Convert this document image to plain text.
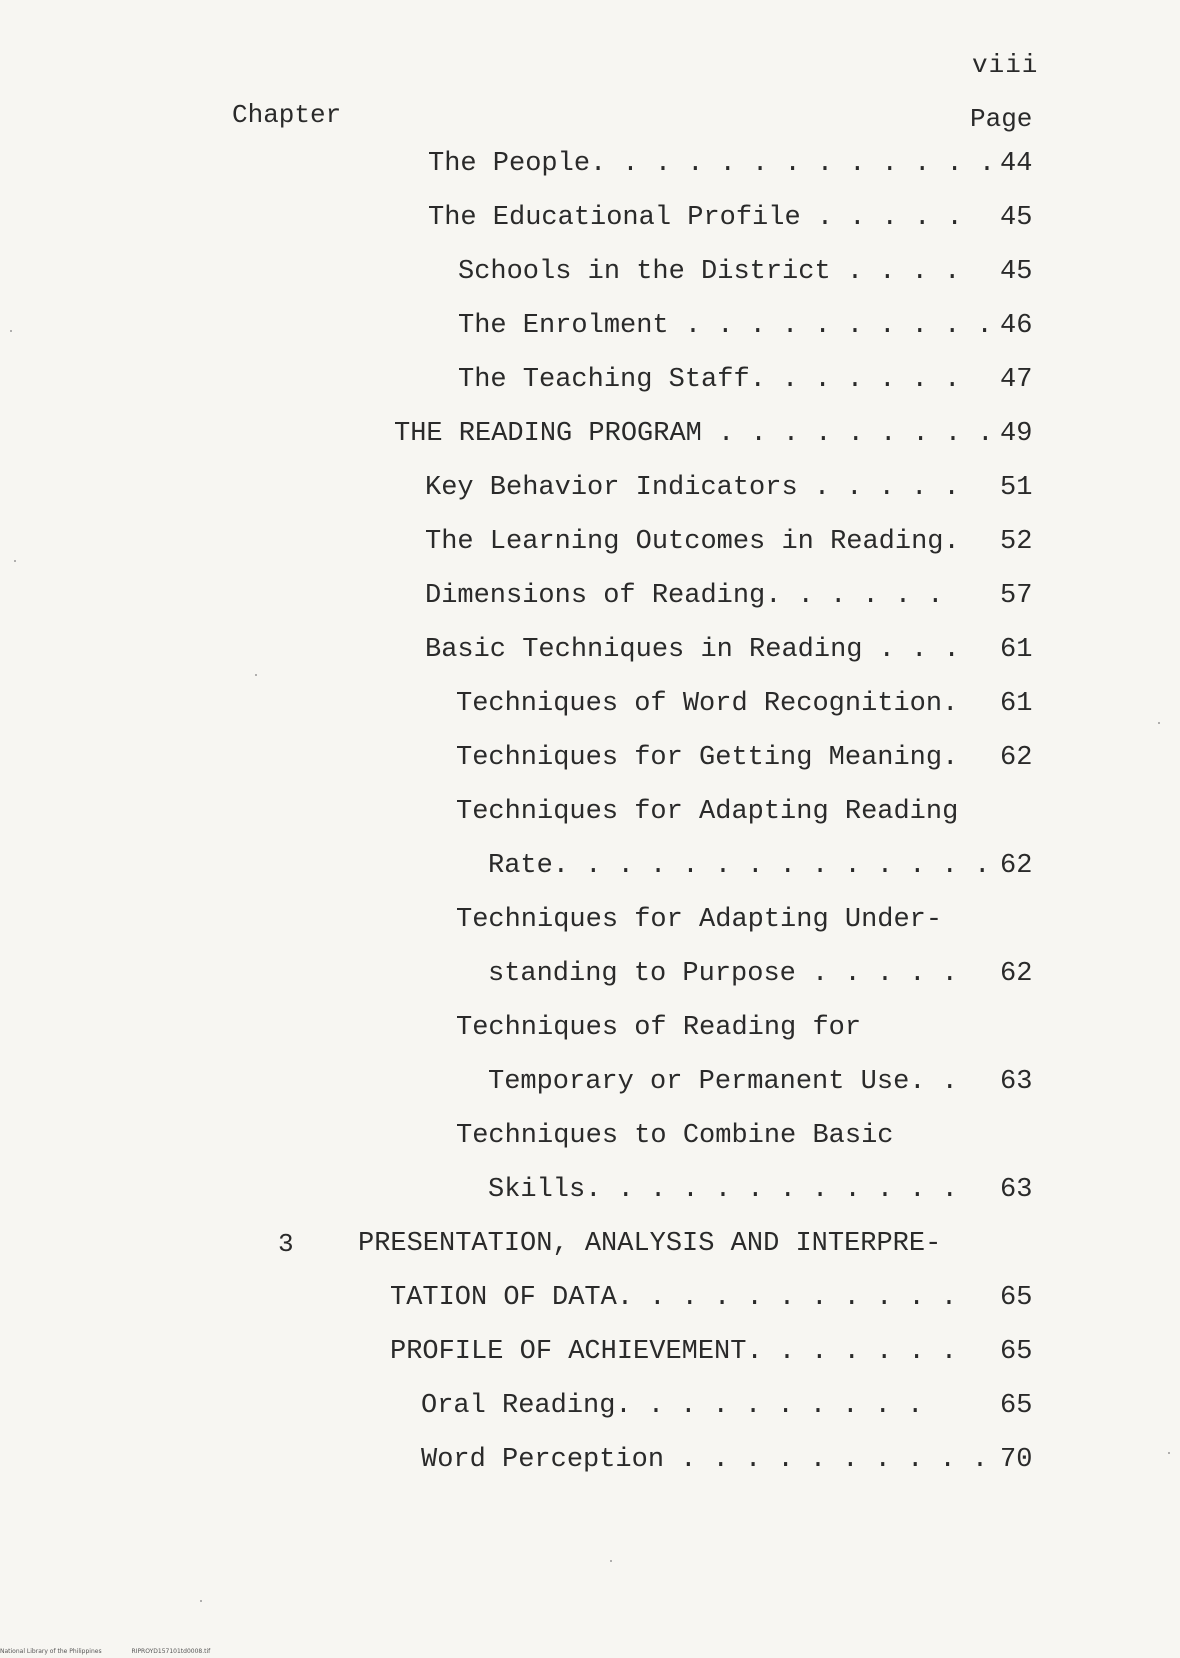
viii
Chapter	Page
The People. . . . . . . . . . . . . 44
The Educational Profile . . . . . 45
Schools in the District . . . . 45
The Enrolment . . . . . . . . . . 46
The Teaching Staff. . . . . . . 47
THE READING PROGRAM . . . . . . . . . 49
Key Behavior Indicators . . . . . 51
The Learning Outcomes in Reading. 52
Dimensions of Reading. . . . . . 57
Basic Techniques in Reading . . . 61
Techniques of Word Recognition. 61
Techniques for Getting Meaning. 62
Techniques for Adapting Reading
Rate. . . . . . . . . . . . . . 62
Techniques for Adapting Under-
standing to Purpose . . . . . 62
Techniques of Reading for
Temporary or Permanent Use. . 63
Techniques to Combine Basic
Skills. . . . . . . . . . . . 63
3 PRESENTATION, ANALYSIS AND INTERPRE-
TATION OF DATA. . . . . . . . . . . 65
PROFILE OF ACHIEVEMENT. . . . . . . 65
Oral Reading. . . . . . . . . .	65
Word Perception . . . . . . . . . . 70
National Library of the Philippines	RIPROYD157101td0008.tif
